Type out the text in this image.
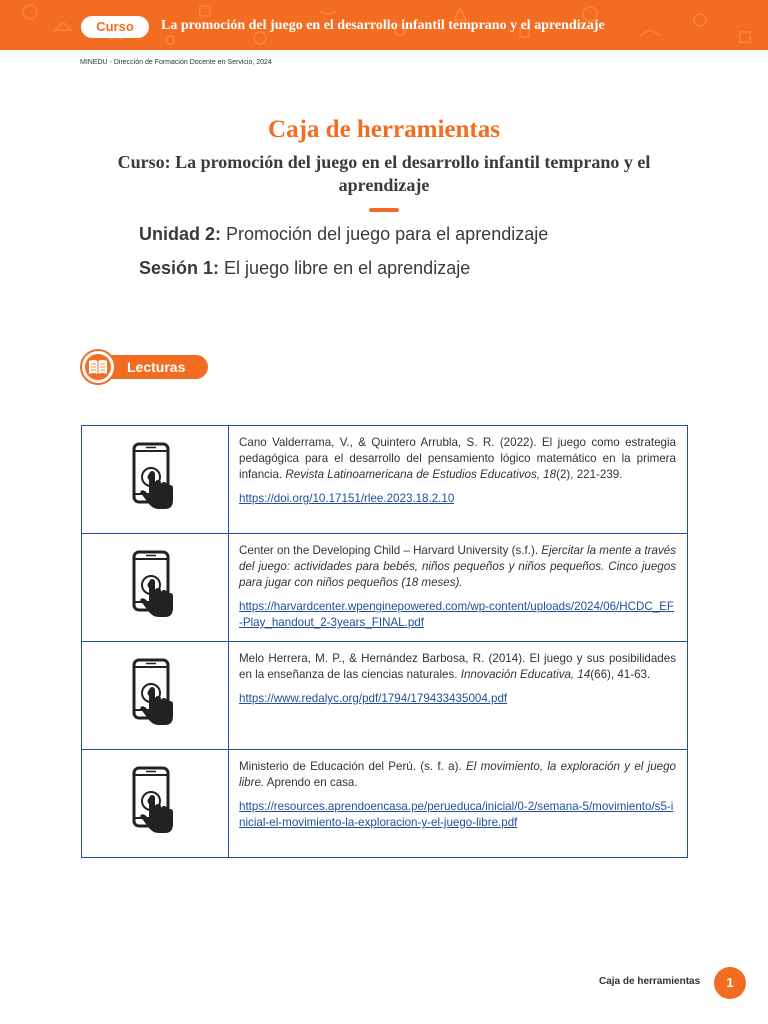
Curso	La promoción del juego en el desarrollo infantil temprano y el aprendizaje
MINEDU - Dirección de Formación Docente en Servicio, 2024
Caja de herramientas
Curso: La promoción del juego en el desarrollo infantil temprano y el aprendizaje
Unidad 2: Promoción del juego para el aprendizaje
Sesión 1: El juego libre en el aprendizaje
Lecturas

Cano Valderrama, V., & Quintero Arrubla, S. R. (2022). El juego como estrategia pedagógica para el desarrollo del pensamiento lógico matemático en la primera infancia. Revista Latinoamericana de Estudios Educativos, 18(2), 221-239.
https://doi.org/10.17151/rlee.2023.18.2.10

Center on the Developing Child – Harvard University (s.f.). Ejercitar la mente a través del juego: actividades para bebés, niños pequeños y niños pequeños. Cinco juegos para jugar con niños pequeños (18 meses).
https://harvardcenter.wpenginepowered.com/wp-content/uploads/2024/06/HCDC_EF-Play_handout_2-3years_FINAL.pdf

Melo Herrera, M. P., & Hernández Barbosa, R. (2014). El juego y sus posibilidades en la enseñanza de las ciencias naturales. Innovación Educativa, 14(66), 41-63.
https://www.redalyc.org/pdf/1794/179433435004.pdf

Ministerio de Educación del Perú. (s. f. a). El movimiento, la exploración y el juego libre. Aprendo en casa.
https://resources.aprendoencasa.pe/perueduca/inicial/0-2/semana-5/movimiento/s5-inicial-el-movimiento-la-exploracion-y-el-juego-libre.pdf
Caja de herramientas	1
